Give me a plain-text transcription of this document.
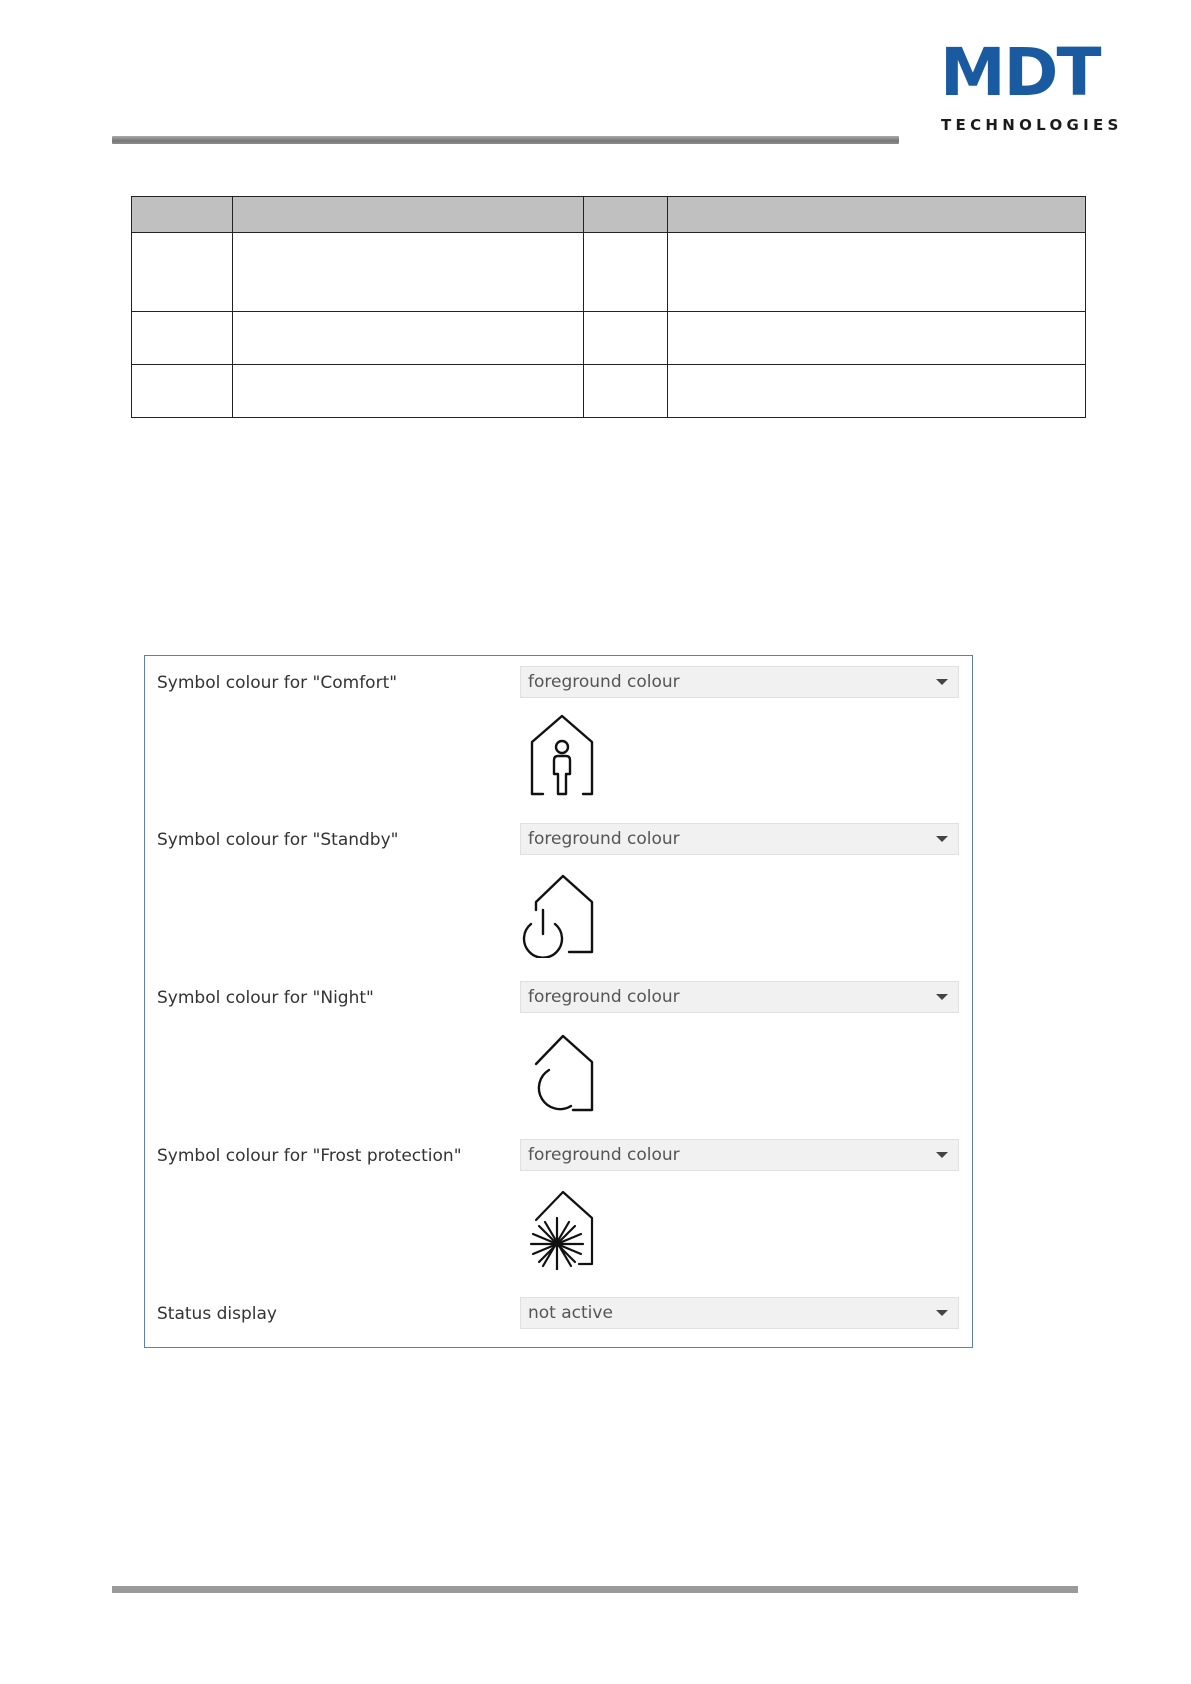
MDT
TECHNOLOGIES

Symbol colour for "Comfort"	foreground colour
Symbol colour for "Standby"	foreground colour
Symbol colour for "Night"	foreground colour
Symbol colour for "Frost protection"	foreground colour
Status display	not active
